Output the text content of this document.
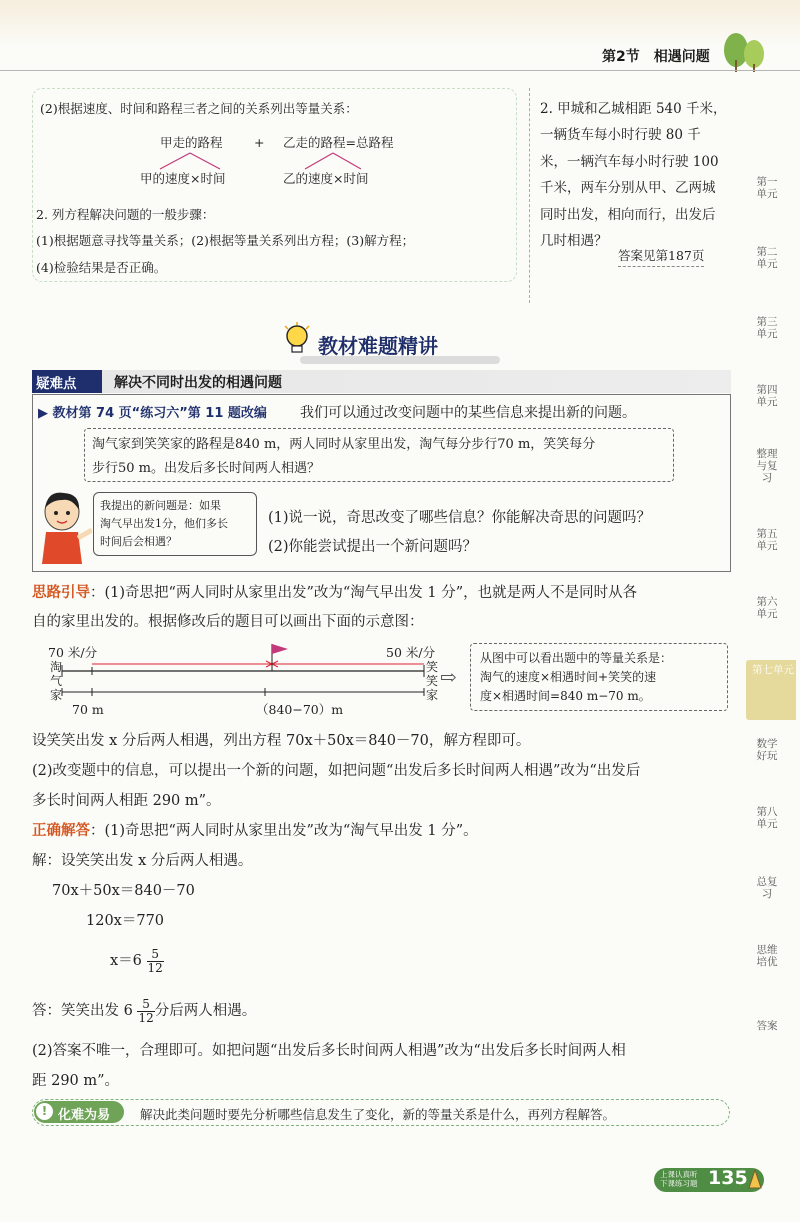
第2节 相遇问题
(2)根据速度、时间和路程三者之间的关系列出等量关系：
甲走的路程	+ 乙走的路程=总路程
甲的速度×时间	乙的速度×时间
2. 列方程解决问题的一般步骤：
(1)根据题意寻找等量关系；(2)根据等量关系列出方程；(3)解方程；
(4)检验结果是否正确。
2. 甲城和乙城相距 540 千米，
一辆货车每小时行驶 80 千
米，一辆汽车每小时行驶 100
千米，两车分别从甲、乙两城
同时出发，相向而行，出发后
几时相遇？
答案见第187页
教材难题精讲
疑难点	解决不同时出发的相遇问题
▶ 教材第 74 页“练习六”第 11 题改编 我们可以通过改变问题中的某些信息来提出新的问题。
淘气家到笑笑家的路程是840 m，两人同时从家里出发，淘气每分步行70 m，笑笑每分
步行50 m。出发后多长时间两人相遇？
我提出的新问题是：如果
淘气早出发1分，他们多长
时间后会相遇？
(1)说一说，奇思改变了哪些信息？你能解决奇思的问题吗？
(2)你能尝试提出一个新问题吗？
思路引导：(1)奇思把“两人同时从家里出发”改为“淘气早出发 1 分”，也就是两人不是同时从各
自的家里出发的。根据修改后的题目可以画出下面的示意图：
70 米/分	50 米/分
淘
气
家
笑
笑
家
70 m	（840−70）m
⇨
从图中可以看出题中的等量关系是：
淘气的速度×相遇时间+笑笑的速
度×相遇时间=840 m−70 m。
设笑笑出发 x 分后两人相遇，列出方程 70x＋50x＝840－70，解方程即可。
(2)改变题中的信息，可以提出一个新的问题，如把问题“出发后多长时间两人相遇”改为“出发后
多长时间两人相距 290 m”。
正确解答：(1)奇思把“两人同时从家里出发”改为“淘气早出发 1 分”。
解：设笑笑出发 x 分后两人相遇。
70x＋50x＝840－70
120x＝770
$x=6 \frac{5}{12}$
答：笑笑出发 $6 \frac{5}{12}$ 分后两人相遇。
(2)答案不唯一，合理即可。如把问题“出发后多长时间两人相遇”改为“出发后多长时间两人相
距 290 m”。
化难为易
!	解决此类问题时要先分析哪些信息发生了变化，新的等量关系是什么，再列方程解答。
第一单元
第二单元
第三单元
第四单元
整理与复习
第五单元
第六单元
第七单元
数学好玩
第八单元
总复习
思维培优
答案
上课认真听
下课练习题 135
